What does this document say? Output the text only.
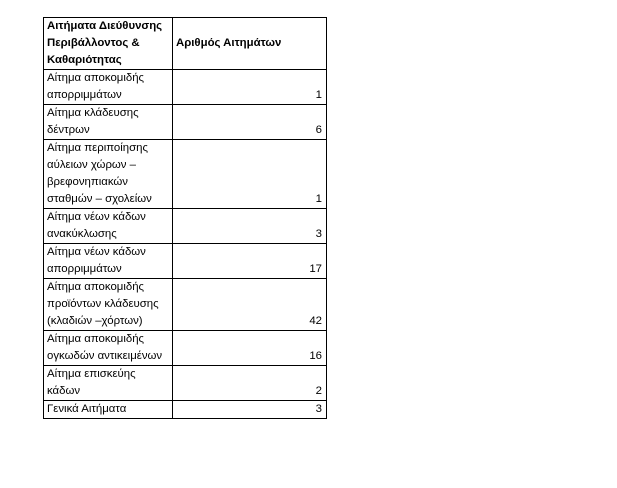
Αιτήματα Διεύθυνσης Περιβάλλοντος & Καθαριότητας	Αριθμός Αιτημάτων
Αίτημα αποκομιδής απορριμμάτων	1
Αίτημα κλάδευσης δέντρων	6
Αίτημα περιποίησης αύλειων χώρων – βρεφονηπιακών σταθμών – σχολείων	1
Αίτημα νέων κάδων ανακύκλωσης	3
Αίτημα νέων κάδων απορριμμάτων	17
Αίτημα αποκομιδής προϊόντων κλάδευσης (κλαδιών –χόρτων)	42
Αίτημα αποκομιδής ογκωδών αντικειμένων	16
Αίτημα επισκεύης κάδων	2
Γενικά Αιτήματα	3
